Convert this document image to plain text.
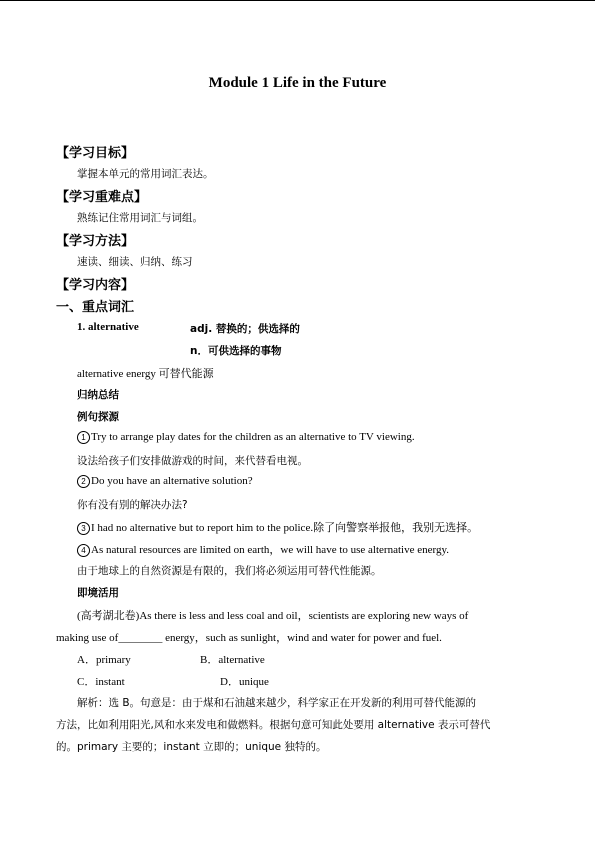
Module 1 Life in the Future
【学习目标】
掌握本单元的常用词汇表达。
【学习重难点】
熟练记住常用词汇与词组。
【学习方法】
速读、细读、归纳、练习
【学习内容】
一、重点词汇
1. alternative	adj. 替换的；供选择的
n．可供选择的事物
alternative energy 可替代能源
归纳总结
例句探源
1 Try to arrange play dates for the children as an alternative to TV viewing.
设法给孩子们安排做游戏的时间，来代替看电视。
2 Do you have an alternative solution?
你有没有别的解决办法?
3 I had no alternative but to report him to the police.除了向警察举报他，我别无选择。
4 As natural resources are limited on earth，we will have to use alternative energy.
由于地球上的自然资源是有限的，我们将必须运用可替代性能源。
即境活用
(高考湖北卷)As there is less and less coal and oil，scientists are exploring new ways of
making use of________ energy，such as sunlight，wind and water for power and fuel.
A．primary	B．alternative
C．instant	D．unique
解析：选 B。句意是：由于煤和石油越来越少，科学家正在开发新的利用可替代能源的
方法，比如利用阳光,风和水来发电和做燃料。根据句意可知此处要用 alternative 表示可替代
的。primary 主要的；instant 立即的；unique 独特的。
